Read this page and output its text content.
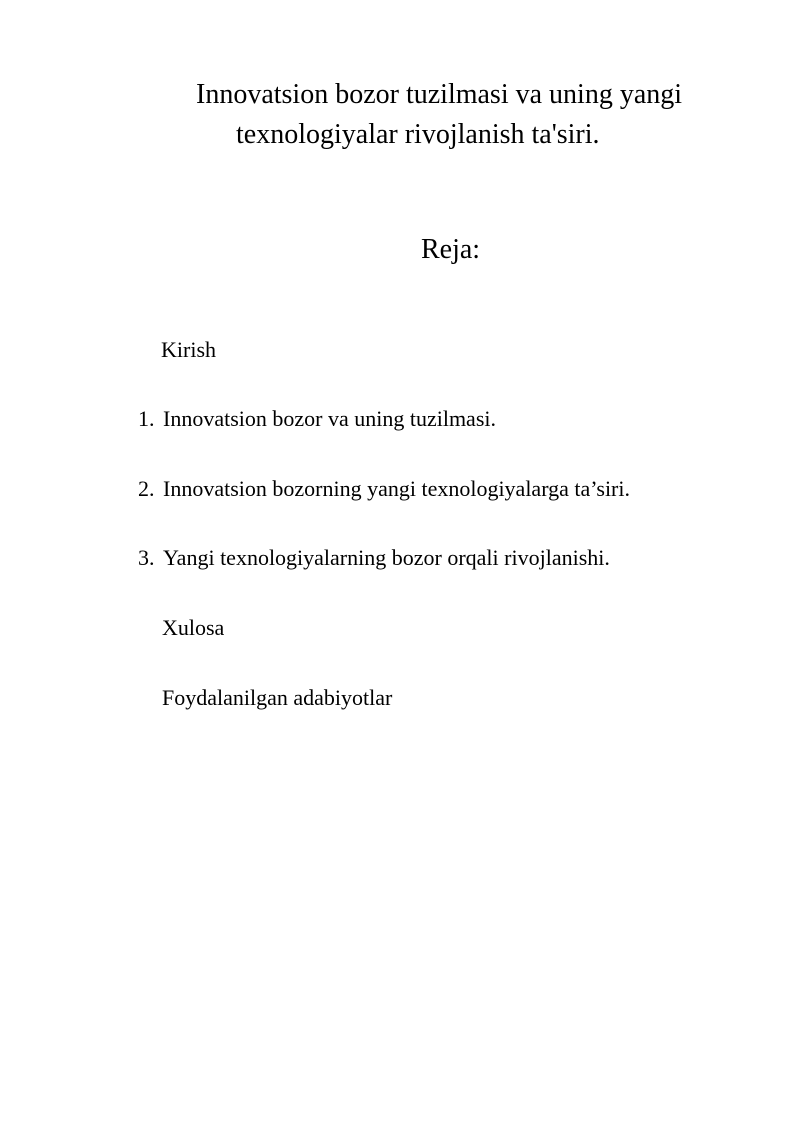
Innovatsion bozor tuzilmasi va uning yangi
texnologiyalar rivojlanish ta'siri.
Reja:
Kirish
1. Innovatsion bozor va uning tuzilmasi.
2. Innovatsion bozorning yangi texnologiyalarga ta’siri.
3. Yangi texnologiyalarning bozor orqali rivojlanishi.
Xulosa
Foydalanilgan adabiyotlar
